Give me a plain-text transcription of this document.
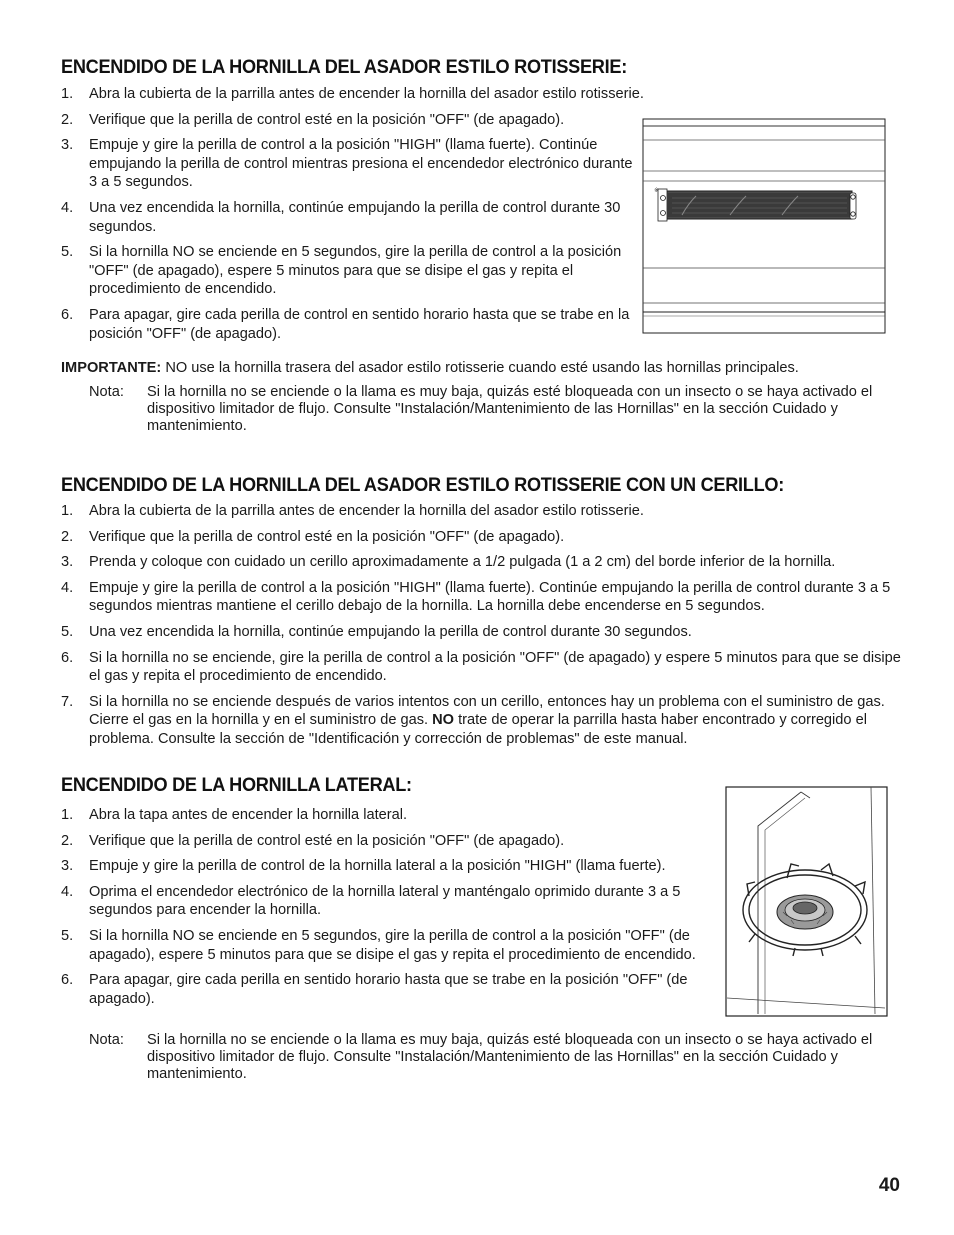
ENCENDIDO DE LA HORNILLA DEL ASADOR ESTILO ROTISSERIE:
1.	Abra la cubierta de la parrilla antes de encender la hornilla del asador estilo rotisserie.
2.	Verifique que la perilla de control esté en la posición "OFF" (de apagado).
3.	Empuje y gire la perilla de control a la posición "HIGH" (llama fuerte). Continúe empujando la perilla de control mientras presiona el encendedor electrónico durante 3 a 5 segundos.
4.	Una vez encendida la hornilla, continúe empujando la perilla de control durante 30 segundos.
5.	Si la hornilla NO se enciende en 5 segundos, gire la perilla de control a la posición "OFF" (de apagado), espere 5 minutos para que se disipe el gas y repita el procedimiento de encendido.
6.	Para apagar, gire cada perilla de control en sentido horario hasta que se trabe en la posición "OFF" (de apagado).
※
IMPORTANTE: NO use la hornilla trasera del asador estilo rotisserie cuando esté usando las hornillas principales.
Nota:	Si la hornilla no se enciende o la llama es muy baja, quizás esté bloqueada con un insecto o se haya activado el dispositivo limitador de flujo. Consulte "Instalación/Mantenimiento de las Hornillas" en la sección Cuidado y mantenimiento.
ENCENDIDO DE LA HORNILLA DEL ASADOR ESTILO ROTISSERIE CON UN CERILLO:
1.	Abra la cubierta de la parrilla antes de encender la hornilla del asador estilo rotisserie.
2.	Verifique que la perilla de control esté en la posición "OFF" (de apagado).
3.	Prenda y coloque con cuidado un cerillo aproximadamente a 1/2 pulgada (1 a 2 cm) del borde inferior de la hornilla.
4.	Empuje y gire la perilla de control a la posición "HIGH" (llama fuerte). Continúe empujando la perilla de control durante 3 a 5 segundos mientras mantiene el cerillo debajo de la hornilla. La hornilla debe encenderse en 5 segundos.
5.	Una vez encendida la hornilla, continúe empujando la perilla de control durante 30 segundos.
6.	Si la hornilla no se enciende, gire la perilla de control a la posición "OFF" (de apagado) y espere 5 minutos para que se disipe el gas y repita el procedimiento de encendido.
7.	Si la hornilla no se enciende después de varios intentos con un cerillo, entonces hay un problema con el suministro de gas. Cierre el gas en la hornilla y en el suministro de gas. NO trate de operar la parrilla hasta haber encontrado y corregido el problema. Consulte la sección de "Identificación y corrección de problemas" de este manual.
ENCENDIDO DE LA HORNILLA LATERAL:
1.	Abra la tapa antes de encender la hornilla lateral.
2.	Verifique que la perilla de control esté en la posición "OFF" (de apagado).
3.	Empuje y gire la perilla de control de la hornilla lateral a la posición "HIGH" (llama fuerte).
4.	Oprima el encendedor electrónico de la hornilla lateral y manténgalo oprimido durante 3 a 5 segundos para encender la hornilla.
5.	Si la hornilla NO se enciende en 5 segundos, gire la perilla de control a la posición "OFF" (de apagado), espere 5 minutos para que se disipe el gas y repita el procedimiento de encendido.
6.	Para apagar, gire cada perilla en sentido horario hasta que se trabe en la posición "OFF" (de apagado).
Nota:	Si la hornilla no se enciende o la llama es muy baja, quizás esté bloqueada con un insecto o se haya activado el dispositivo limitador de flujo. Consulte "Instalación/Mantenimiento de las Hornillas" en la sección Cuidado y mantenimiento.
40
